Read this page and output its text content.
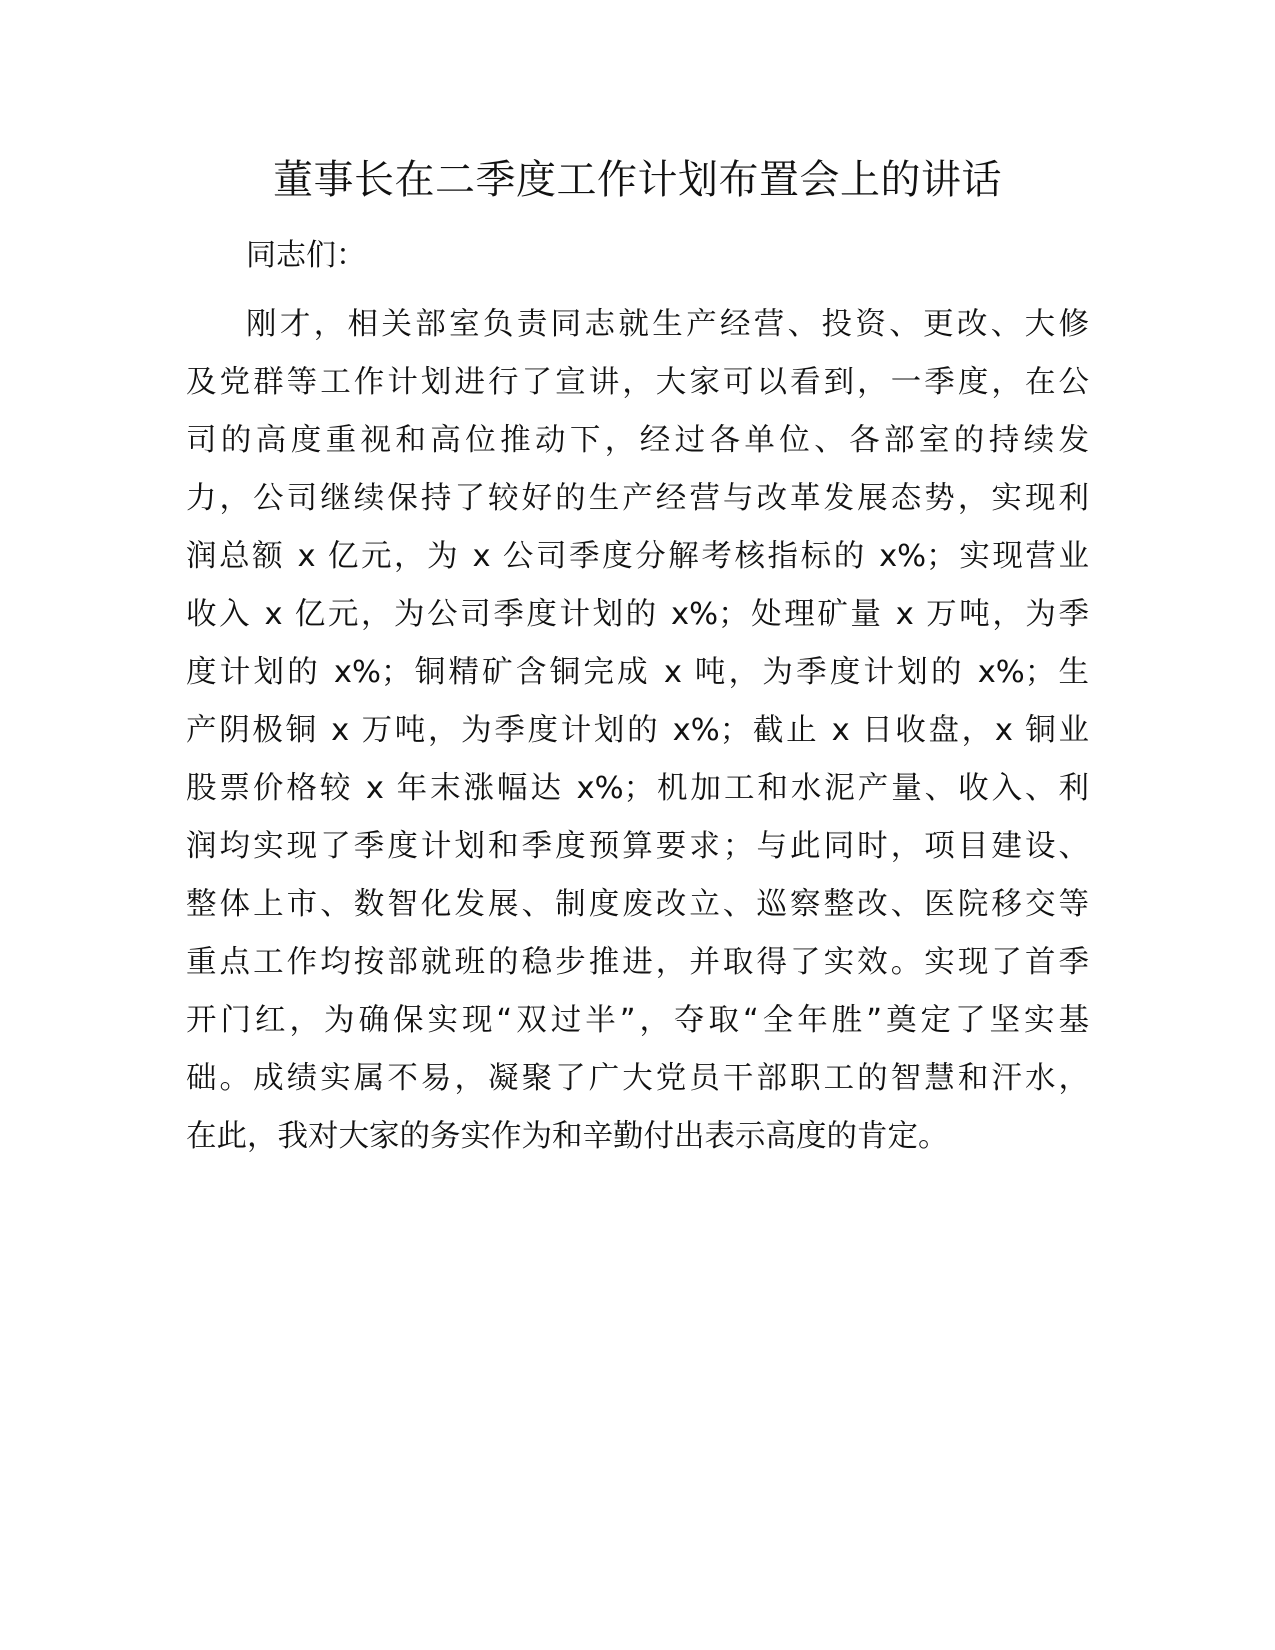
董事长在二季度工作计划布置会上的讲话

同志们：

刚才，相关部室负责同志就生产经营、投资、更改、大修
及党群等工作计划进行了宣讲，大家可以看到，一季度，在公
司的高度重视和高位推动下，经过各单位、各部室的持续发
力，公司继续保持了较好的生产经营与改革发展态势，实现利
润总额 x 亿元，为 x 公司季度分解考核指标的 x%；实现营业
收入 x 亿元，为公司季度计划的 x%；处理矿量 x 万吨，为季
度计划的 x%；铜精矿含铜完成 x 吨，为季度计划的 x%；生
产阴极铜 x 万吨，为季度计划的 x%；截止 x 日收盘，x 铜业
股票价格较 x 年末涨幅达 x%；机加工和水泥产量、收入、利
润均实现了季度计划和季度预算要求；与此同时，项目建设、
整体上市、数智化发展、制度废改立、巡察整改、医院移交等
重点工作均按部就班的稳步推进，并取得了实效。实现了首季
开门红，为确保实现“双过半”，夺取“全年胜”奠定了坚实基
础。成绩实属不易，凝聚了广大党员干部职工的智慧和汗水，
在此，我对大家的务实作为和辛勤付出表示高度的肯定。
